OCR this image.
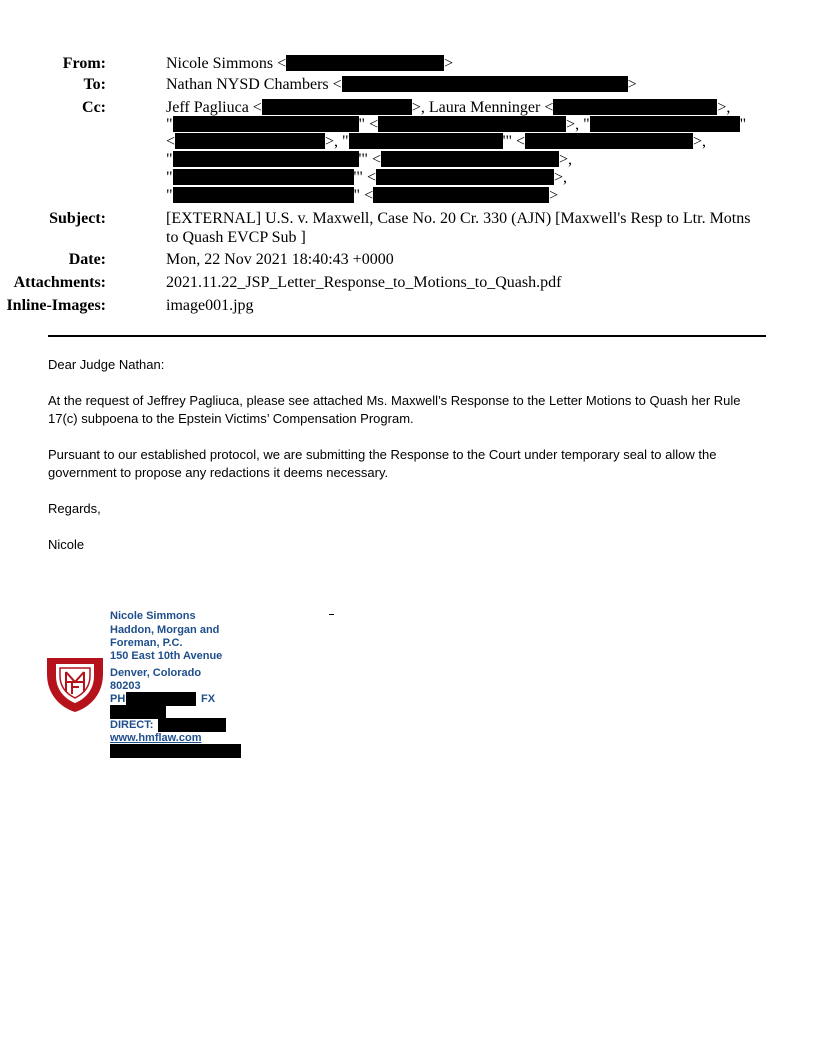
From:	Nicole Simmons <	>
To:	Nathan NYSD Chambers <	>
Cc:	Jeff Pagliuca <	>, Laura Menninger <	>,
"	" <	>, "	"
<	>, "	'" <	>,
"	'" <	>,
"	'" <	>,
"	" <	>
Subject:	[EXTERNAL] U.S. v. Maxwell, Case No. 20 Cr. 330 (AJN) [Maxwell's Resp to Ltr. Motns
to Quash EVCP Sub ]
Date:	Mon, 22 Nov 2021 18:40:43 +0000
Attachments:	2021.11.22_JSP_Letter_Response_to_Motions_to_Quash.pdf
Inline-Images:	image001.jpg
Dear Judge Nathan:
At the request of Jeffrey Pagliuca, please see attached Ms. Maxwell’s Response to the Letter Motions to Quash her Rule 17(c) subpoena to the Epstein Victims’ Compensation Program.
Pursuant to our established protocol, we are submitting the Response to the Court under temporary seal to allow the government to propose any redactions it deems necessary.
Regards,
Nicole
Nicole Simmons
Haddon, Morgan and
Foreman, P.C.
150 East 10th Avenue
Denver, Colorado
80203
PH	FX
DIRECT:
www.hmflaw.com
